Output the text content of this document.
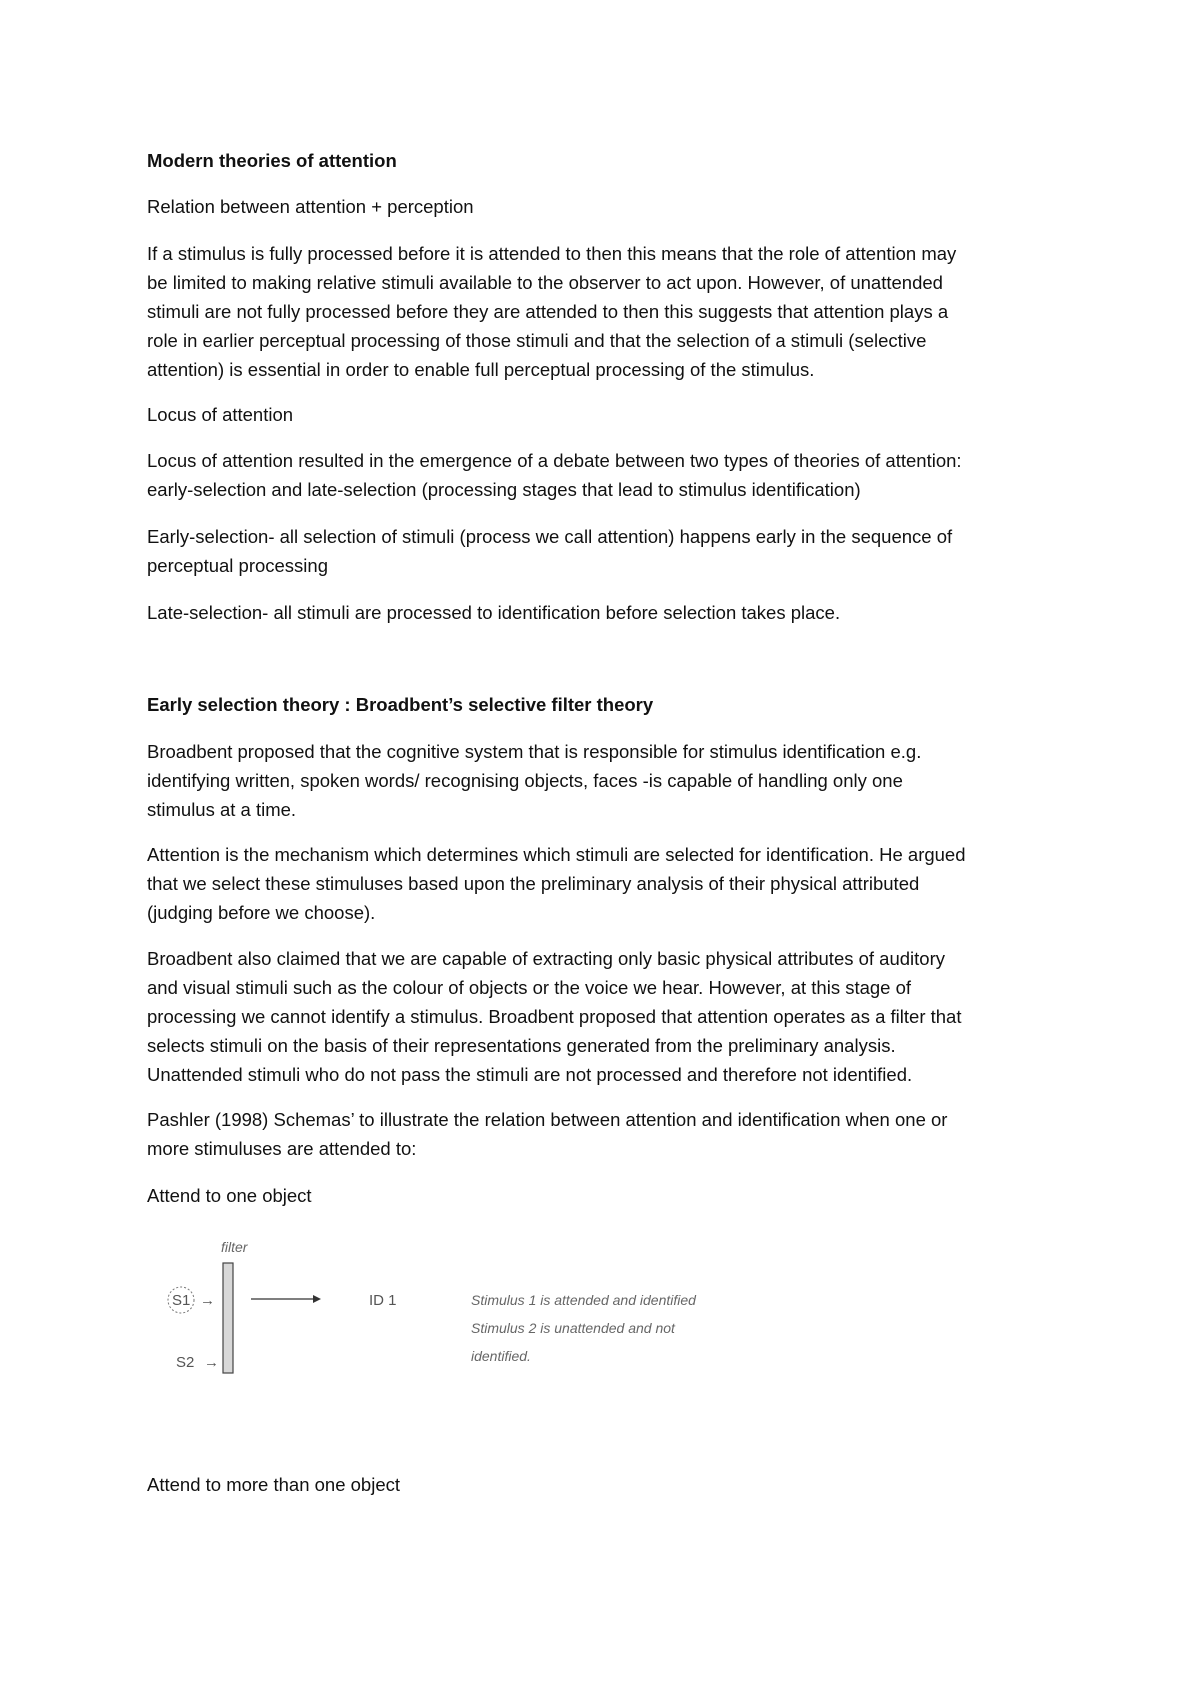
Modern theories of attention
Relation between attention + perception
If a stimulus is fully processed before it is attended to then this means that the role of attention may
be limited to making relative stimuli available to the observer to act upon. However, of unattended
stimuli are not fully processed before they are attended to then this suggests that attention plays a
role in earlier perceptual processing of those stimuli and that the selection of a stimuli (selective
attention) is essential in order to enable full perceptual processing of the stimulus.
Locus of attention
Locus of attention resulted in the emergence of a debate between two types of theories of attention:
early-selection and late-selection (processing stages that lead to stimulus identification)
Early-selection- all selection of stimuli (process we call attention) happens early in the sequence of
perceptual processing
Late-selection- all stimuli are processed to identification before selection takes place.
Early selection theory : Broadbent’s selective filter theory
Broadbent proposed that the cognitive system that is responsible for stimulus identification e.g.
identifying written, spoken words/ recognising objects, faces -is capable of handling only one
stimulus at a time.
Attention is the mechanism which determines which stimuli are selected for identification. He argued
that we select these stimuluses based upon the preliminary analysis of their physical attributed
(judging before we choose).
Broadbent also claimed that we are capable of extracting only basic physical attributes of auditory
and visual stimuli such as the colour of objects or the voice we hear. However, at this stage of
processing we cannot identify a stimulus. Broadbent proposed that attention operates as a filter that
selects stimuli on the basis of their representations generated from the preliminary analysis.
Unattended stimuli who do not pass the stimuli are not processed and therefore not identified.
Pashler (1998) Schemas’ to illustrate the relation between attention and identification when one or
more stimuluses are attended to:
Attend to one object
filter
S1 →
S2 →
ID 1	Stimulus 1 is attended and identified
Stimulus 2 is unattended and not
identified.
Attend to more than one object
